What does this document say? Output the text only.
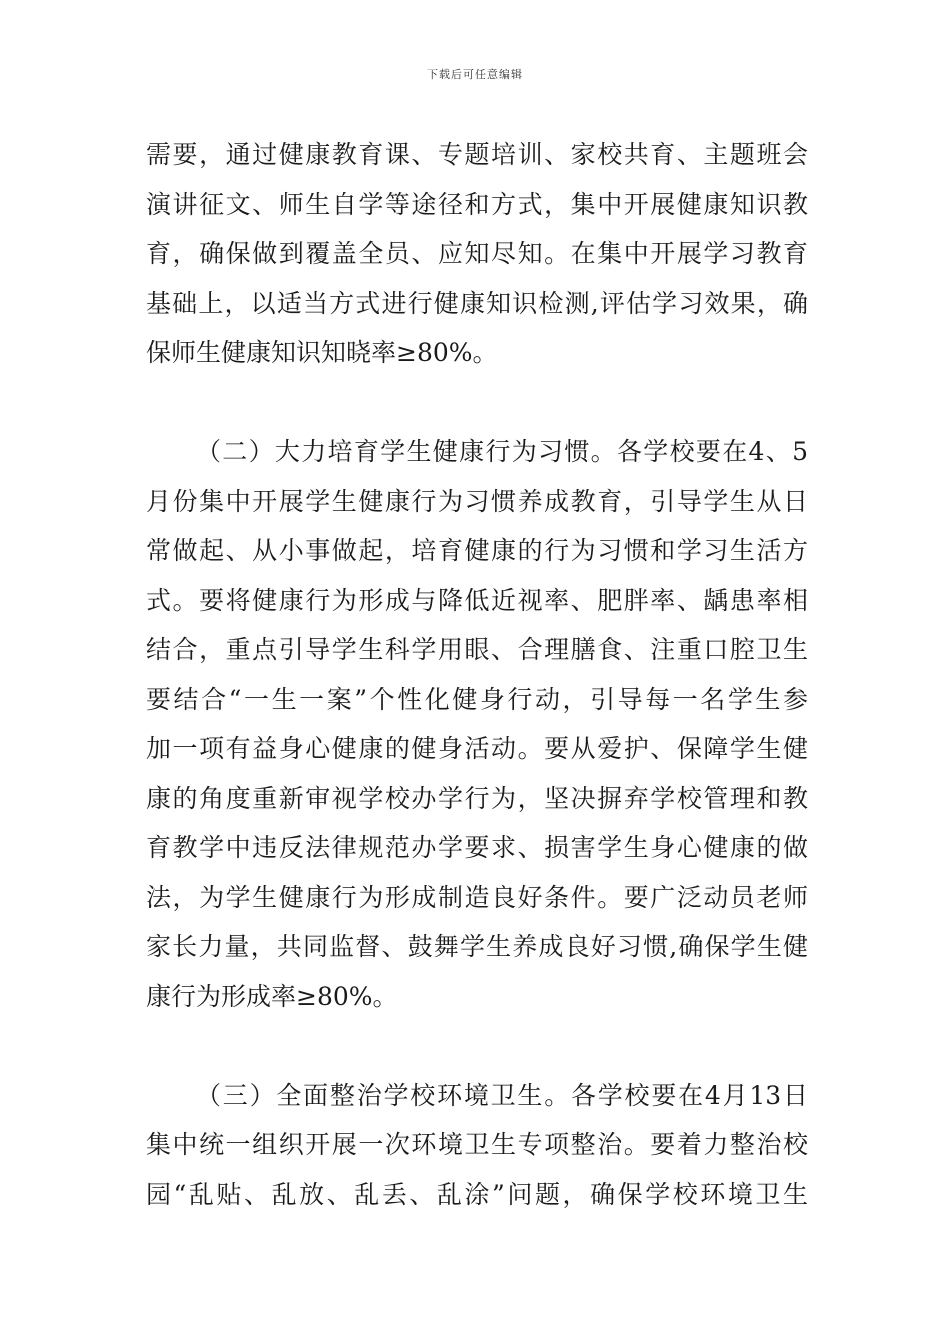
下载后可任意编辑
需要，通过健康教育课、专题培训、家校共育、主题班会
演讲征文、师生自学等途径和方式，集中开展健康知识教
育，确保做到覆盖全员、应知尽知。在集中开展学习教育
基础上，以适当方式进行健康知识检测,评估学习效果，确
保师生健康知识知晓率≥80%。
（二）大力培育学生健康行为习惯。各学校要在4、5
月份集中开展学生健康行为习惯养成教育，引导学生从日
常做起、从小事做起，培育健康的行为习惯和学习生活方
式。要将健康行为形成与降低近视率、肥胖率、龋患率相
结合，重点引导学生科学用眼、合理膳食、注重口腔卫生
要结合“一生一案”个性化健身行动，引导每一名学生参
加一项有益身心健康的健身活动。要从爱护、保障学生健
康的角度重新审视学校办学行为，坚决摒弃学校管理和教
育教学中违反法律规范办学要求、损害学生身心健康的做
法，为学生健康行为形成制造良好条件。要广泛动员老师
家长力量，共同监督、鼓舞学生养成良好习惯,确保学生健
康行为形成率≥80%。
（三）全面整治学校环境卫生。各学校要在4月13日
集中统一组织开展一次环境卫生专项整治。要着力整治校
园“乱贴、乱放、乱丢、乱涂”问题，确保学校环境卫生
